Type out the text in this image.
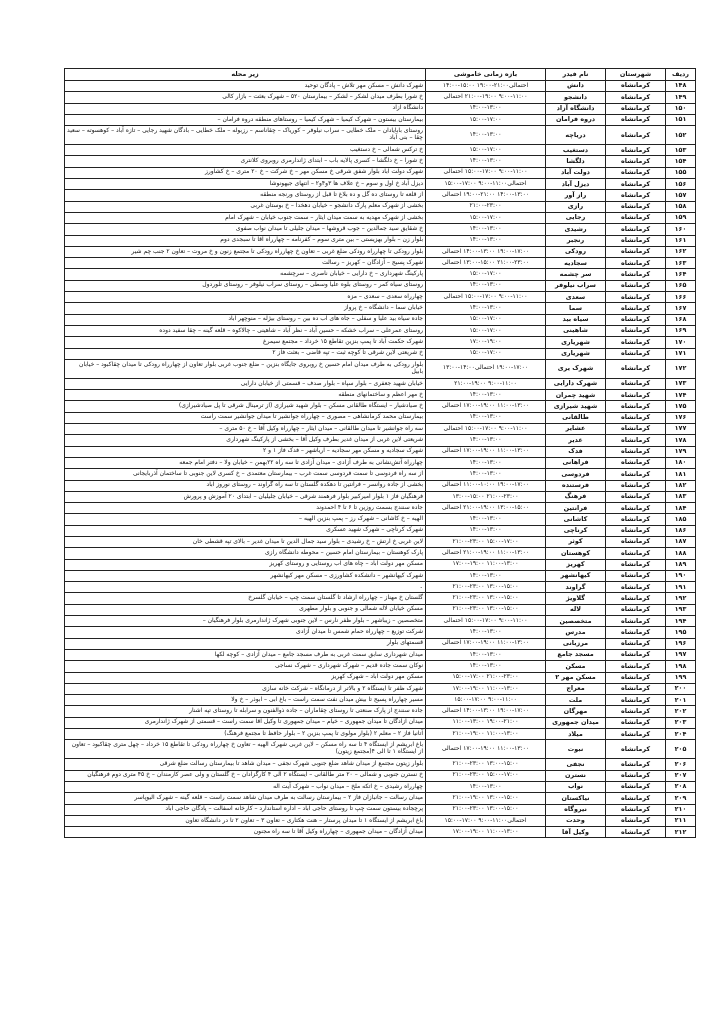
ردیف	شهرستان	نام فیدر	بازه زمانی خاموشی	زیر محله
۱۴۸	کرمانشاه	دانش	احتمالی۲۱:۰۰-۱۹:۰۰ ۱۵:۰۰-۱۴:۰۰	شهرک دانش – مسکن مهر تلاش – پادگان توحید
۱۴۹	کرمانشاه	دانشجو	۹:۰۰-۱۱:۰۰ ۲۱:۰۰-۱۹:۰۰ احتمالی	خ شورا بطرف میدان لشکر – لشکر – بیمارستان ۵۲۰ – شهرک بعثت – بازار کالی
۱۵۰	کرمانشاه	دانشگاه آزاد	۱۴:۰۰-۱۳:۰۰	دانشگاه آزاد
۱۵۱	کرمانشاه	دروه فرامان	۱۵:۰۰-۱۷:۰۰	بیمارستان بیستون – شهرک کیمیا – شهرک کیمیا – روستاهای منطقه دروه فرامان –
۱۵۲	کرمانشاه	دریاچه	۱۴:۰۰-۱۳:۰۰	روستای بابایادان – ملک خطایی – سراب نیلوفر – کوریاک – چقاناسم – رزبوله – ملک خطایی – بادگان شهید رجایی – تازه آباد – کوهسوته – سعید چقا – بنی آباد
۱۵۳	کرمانشاه	دستغیب	۱۵:۰۰-۱۷:۰۰	خ ترکس شمالی – خ دستغیب
۱۵۴	کرمانشاه	دلگشا	۱۴:۰۰-۱۳:۰۰	خ شورا – خ دلگشا – کسری پالایه باب – ابتدای ژاندارمری روبروی کلانتری
۱۵۵	کرمانشاه	دولت آباد	۹:۰۰-۱۱:۰۰ ۱۵:۰۰-۱۷:۰۰ احتمالی	شهرک دولت آباد بلوار شفق شرقی خ مسکن مهر – خ شرکت – خ ۲۰ متری – خ کشاورز
۱۵۶	کرمانشاه	دیزل آباد	احتمالی۱۱:۰۰-۹:۰۰ ۱۷:۰۰-۱۵:۰۰	دیزل آباد خ اول و سوم – خ علاف ها ۳و۴و۲ – انتهای جیهونوشا
۱۵۷	کرمانشاه	راز آور	۱۴:۰۰-۱۳:۰۰ ۱۹:۰۰-۲۱:۰۰ احتمالی	از قلعه تا روستای ده گل و ده بلاغ تا قبل از روستای ورنجه منطقه
۱۵۸	کرمانشاه	رازی	۲۱:۰۰-۲۳:۰۰	بخشی از شهرک معلم پارک دانشجو – خیابان دهخدا – خ بوستان غربی
۱۵۹	کرمانشاه	رجایی	۱۵:۰۰-۱۷:۰۰	بخشی از شهرک مهدیه به سمت میدان ایثار – سمت جنوب خیابان – شهرک امام
۱۶۰	کرمانشاه	رشیدی	۱۴:۰۰-۱۳:۰۰	خ شقایق سید جمالدین – جوب قروشها – میدان جلیلی تا میدان نواب صفوی
۱۶۱	کرمانشاه	رنجبر	۱۴:۰۰-۱۳:۰۰	بلوار زن – بلوار بهزیستی – بین متری سوم – کفرنامه – چهارراه آقا تا سبجدی دوم
۱۶۲	کرمانشاه	رودکی	۱۹:۰۰-۱۷:۰۰ ۱۴:۰۰-۱۳:۰۰ احتمالی	بلوار رودکی تا چهارراه رودکی ضلع غربی – تعاون خ چهارراه رودکی تا مجتمع زنون و خ مروت – تعاون ۲ جنب چم شیر
۱۶۳	کرمانشاه	سجادیه	۲۱:۰۰-۲۳:۰۰ ۱۳:۰۰-۱۵:۰۰ احتمالی	شهرک پسیج – آزادگان – کهریز – رسالت
۱۶۴	کرمانشاه	سر چشمه	۱۵:۰۰-۱۷:۰۰	پارکینگ شهرداری – خ دارایی – خیابان ناصری – سرچشمه
۱۶۵	کرمانشاه	سراب نیلوفر	۱۴:۰۰-۱۳:۰۰	روستای سیاه کمر – روستای بلوه علیا وسطی – روستای سراب نیلوفر – روستای تلوردول
۱۶۶	کرمانشاه	سعدی	۹:۰۰-۱۱:۰۰ ۱۵:۰۰-۱۷:۰۰ احتمالی	چهارراه سعدی – سعدی – مزه
۱۶۷	کرمانشاه	سما	۱۴:۰۰-۱۳:۰۰	خیابان سما – دانشگاه – خ پرواز
۱۶۸	کرمانشاه	سیاه بید	۱۵:۰۰-۱۷:۰۰	جاده سیاه بید علیا و سفلی – جاه های آب ده بین – روستای بیژله – منوچهر آباد
۱۶۹	کرمانشاه	شاهینی	۱۵:۰۰-۱۷:۰۰	روستای عمرعلی – سراب خشکه – حسین آباد – نظر آباد – شاهینی – چالاکوه – قلعه گینه – چقا سفید دوده
۱۷۰	کرمانشاه	شهریاری	۱۷:۰۰-۱۹:۰۰	شهرک حکمت آباد تا پمپ بنزین تقاطع ۱۵ خرداد – مجتمع سیمرغ
۱۷۱	کرمانشاه	شهریاری	۱۵:۰۰-۱۷:۰۰	خ شریعتی لاین شرقی تا کوچه ثبت – تپه قاضی – بعثت فاز ۲
۱۷۲	کرمانشاه	شهرک یری	۱۹:۰۰-۱۷:۰۰ احتمالی۱۴:۰۰-۱۳:۰۰	بلوار رودکی به طرف میدان امام حسین خ روبروی جایگاه بنزین – ضلع جنوب غربی بلوار تعاون از چهارراه رودکی تا میدان چقاکبود – خیابان بابیل
۱۷۳	کرمانشاه	شهرک دارایی	۹:۰۰-۱۱:۰۰ ۲۱:۰۰-۱۹:۰۰	خیابان شهید جعفری – بلوار سپاه – بلوار صدف – قسمتی از خیابان دارایی
۱۷۴	کرمانشاه	شهید چمران	۱۴:۰۰-۱۳:۰۰	خ مهر اعظم و ساختمانهای منطقه
۱۷۵	کرمانشاه	شهید شیرازی	۱۱:۰۰-۱۳:۰۰ ۱۷:۰۰-۱۹:۰۰ احتمالی	خ صیادشیار – ایستگاه طالقانی مسکن – بلوار شهید شیرازی (از ترمینال شرقی تا پل صیادشیرازی)
۱۷۶	کرمانشاه	طالقانی	۱۴:۰۰-۱۳:۰۰	بیمارستان محمد کرمانشاهی – مصوری – چهارراه جوانشیر تا میدان جوانشیر سمت راست
۱۷۷	کرمانشاه	عشایر	۹:۰۰-۱۱:۰۰ ۱۵:۰۰-۱۷:۰۰ احتمالی	سه راه جوانشیر تا میدان طالقانی – میدان ایثار – چهارراه وکیل آقا – خ ۵۰ متری –
۱۷۸	کرمانشاه	غدیر	۱۴:۰۰-۱۳:۰۰	شریعتی لاین غربی از میدان غدیر بطرف وکیل آقا – بخشی از پارکینگ شهرداری
۱۷۹	کرمانشاه	فدک	۱۱:۰۰-۱۳:۰۰ ۱۷:۰۰-۱۹:۰۰ احتمالی	شهرک سجادیه و مسکن مهر سجادیه – آریاشهر – فدک فاز ۱ و ۲
۱۸۰	کرمانشاه	فراهانی	۱۴:۰۰-۱۳:۰۰	چهارراه آتش‌نشانی به طرف آزادی – میدان آزادی تا سه راه ۲۲بهمن – خیابان ولا – دفتر امام جمعه
۱۸۱	کرمانشاه	فردوسی	۱۴:۰۰-۱۳:۰۰	از سه راه فردوسی تا سمت فردوسی سمت غرب – بیمارستان معتمدی – خ کسری لاین جنوبی تا ساختمان آذربایجانی
۱۸۲	کرمانشاه	فرستنده	۱۹:۰۰-۱۷:۰۰ ۱۱:۰۰-۱۰:۰۰ احتمالی	بخشی از جاده روانسر – فرانتین تا دهکده گلستان تا سه راه گراوند – روستای نوروز آباد
۱۸۳	کرمانشاه	فرهنگ	۲۱:۰۰-۲۳:۰۰ ۱۳:۰۰-۱۵:۰۰	فرهنگیان فاز ۱ بلوار امیرکبیر بلوار فرهمند شرقی – خیابان جلیلیان – ابتدای ۲۰ آموزش و پرورش
۱۸۴	کرمانشاه	فرانتین	۱۳:۰۰-۱۵:۰۰ ۲۱:۰۰-۱۹:۰۰ احتمالی	جاده سنندج بسمت روزین تا ۶ تا ۴ احمدوند
۱۸۵	کرمانشاه	کاشانی	۱۴:۰۰-۱۳:۰۰	الهیه – خ کاشانی – شهرک رز – پمپ بنزین الهیه –
۱۸۶	کرمانشاه	کرناچی	۱۴:۰۰-۱۳:۰۰	شهرک کرناچی – شهرک شهید عسکری
۱۸۷	کرمانشاه	کوثر	۱۵:۰۰-۱۷:۰۰ ۲۱:۰۰-۲۳:۰۰	لاین غربی خ ارتش – خ رشیدی – بلوار سید جمال الدین تا میدان غدیر – بالای تپه قشطی خان
۱۸۸	کرمانشاه	کوهستان	۱۱:۰۰-۱۳:۰۰ ۲۱:۰۰-۱۹:۰۰ احتمالی	پارک کوهستان – بیمارستان امام حسین – محوطه دانشگاه رازی
۱۸۹	کرمانشاه	کهریز	۱۱:۰۰-۱۳:۰۰ ۱۷:۰۰-۱۹:۰۰	مسکن مهر دولت آباد – چاه های آب روستایی و روستای کهریز
۱۹۰	کرمانشاه	کیهانشهر	۱۴:۰۰-۱۳:۰۰	شهرک کیهانشهر – دانشکده کشاورزی – مسکن مهر کیهانشهر
۱۹۱	کرمانشاه	گراوند	۱۳:۰۰-۱۵:۰۰ ۲۱:۰۰-۲۳:۰۰	۔
۱۹۲	کرمانشاه	گلاویژ	۱۳:۰۰-۱۵:۰۰ ۲۱:۰۰-۲۳:۰۰	گلستان خ مهناز – چهارراه ارشاد تا گلستان سمت چپ – خیابان گلسرخ
۱۹۳	کرمانشاه	لاله	۱۳:۰۰-۱۵:۰۰ ۲۱:۰۰-۲۳:۰۰	مسکن خیابان لاله شمالی و جنوبی و بلوار مطهری
۱۹۴	کرمانشاه	متخصصین	۹:۰۰-۱۱:۰۰ ۱۵:۰۰-۱۷:۰۰ احتمالی	متخصصین – زیباشهر – بلوار ظفر نارس – لاین جنوبی شهرک ژاندارمری بلوار فرهنگیان –
۱۹۵	کرمانشاه	مدرس	۱۴:۰۰-۱۳:۰۰	شرکت توزیع – چهارراه حمام شمس تا میدان آزادی
۱۹۶	کرمانشاه	مرزبانی	۱۱:۰۰-۱۳:۰۰ ۱۷:۰۰-۱۹:۰۰ احتمالی	قسمتهای بلوار
۱۹۷	کرمانشاه	مسجد جامع	۱۴:۰۰-۱۳:۰۰	میدان شهرداری سابق سمت غربی به طرف مسجد جامع – میدان آزادی – کوچه لکها
۱۹۸	کرمانشاه	مسکن	۱۴:۰۰-۱۳:۰۰	نوکان سمت جاده قدیم – شهرک شهرداری – شهرک نساجی
۱۹۹	کرمانشاه	مسکن مهر ۲	۲۱:۰۰-۲۳:۰۰ ۱۵:۰۰-۱۷:۰۰	مسکن مهر دولت آباد – شهرک کهریز
۲۰۰	کرمانشاه	معراج	۱۱:۰۰-۱۳:۰۰ ۱۷:۰۰-۱۹:۰۰	شهرک ظفر تا ایستگاه ۲ و بالاتر از درمانگاه – شرکت خانه سازی
۲۰۱	کرمانشاه	ملت	۹:۰۰-۱۱:۰۰ ۱۵:۰۰-۱۷:۰۰	مسیر چهارراه پسیج تا بیش میدان نفت سمت راست – باغ ابی – ابوذر – خ ولا
۲۰۲	کرمانشاه	مهرگان	۱۹:۰۰-۱۷:۰۰ ۱۴:۰۰-۱۳:۰۰ احتمالی	جاده سنندج از پارک صنعتی تا روستای چقاماران – جاده ذوالفنون و سرابله تا روستای تپه اشنار
۲۰۳	کرمانشاه	میدان جمهوری	۱۹:۰۰-۲۱:۰۰ ۱۱:۰۰-۱۳:۰۰	میدان آزادگان تا میدان جمهوری – خیام – میدان جمهوری تا وکیل آقا سمت راست – قسمتی از شهرک ژاندارمری
۲۰۴	کرمانشاه	میلاد	۱۱:۰۰-۱۳:۰۰ ۲۱:۰۰-۱۹:۰۰	آتانیا فاز ۲ – معلم ۲ (بلوار مولوی تا پمپ بنزین ۲ – بلوار حافظ تا مجتمع فرهنگ)
۲۰۵	کرمانشاه	نبوت	۱۱:۰۰-۱۳:۰۰ ۱۷:۰۰-۱۹:۰۰ احتمالی	باغ ابریشم از ایستگاه ۴ تا سه راه مسکن – لاین غربی شهرک الهیه – تعاون خ چهارراه رودکی تا تقاطع ۱۵ خرداد – چهل متری چقاکبود – تعاون از ایستگاه ۱ تا الی ۴(مجتمع زیتون)
۲۰۶	کرمانشاه	نجفی	۱۳:۰۰-۱۵:۰۰ ۲۱:۰۰-۲۳:۰۰	بلوار زیتون مجتمع از میدان شاهد ضلع جنوبی شهرک نجفی – میدان شاهد تا بیمارستان رسالت ضلع شرقی
۲۰۷	کرمانشاه	نسترن	۱۵:۰۰-۱۷:۰۰ ۲۱:۰۰-۲۳:۰۰	خ نسترن جنوبی و شمالی – ۲۰ متر طالقانی – ایستگاه ۲ الی ۴ کارگزادان – خ گلستان و ولی عصر کارمندان – خ ۴۵ متری دوم فرهنگیان
۲۰۸	کرمانشاه	نواب	۱۴:۰۰-۱۳:۰۰	چهارراه رشیدی – خ اتکه ملخ – میدان نواب – شهرک آیت اله
۲۰۹	کرمانشاه	نیاکستان	۱۳:۰۰-۱۵:۰۰ ۲۱:۰۰-۱۹:۰۰	میدان رسالت – جانبازان فاز ۲ – بیمارستان رسالت به طرف میدان شاهد سمت راست – قلعه گینه – شهرک الیوپاسر
۲۱۰	کرمانشاه	نیروگاه	۱۳:۰۰-۱۵:۰۰ ۲۱:۰۰-۲۳:۰۰	پرچجاده بیستون سمت چپ تا روستای حاجی آباد – اداره استاندارد – کارخانه آسفالت – پادگان حاجی آباد
۲۱۱	کرمانشاه	وحدت	احتمالی۱۱:۰۰-۹:۰۰ ۱۷:۰۰-۱۵:۰۰	باغ ابریشم از ایستگاه ۱ تا میدان پرستار – هنت هکتاری – تعاون ۳ – تعاون ۲ تا در دانشگاه تعاون
۲۱۲	کرمانشاه	وکیل آقا	۱۱:۰۰-۱۳:۰۰ ۱۷:۰۰-۱۹:۰۰	میدان آزادگان – میدان جمهوری – چهارراه وکیل آقا تا سه راه مجنون
